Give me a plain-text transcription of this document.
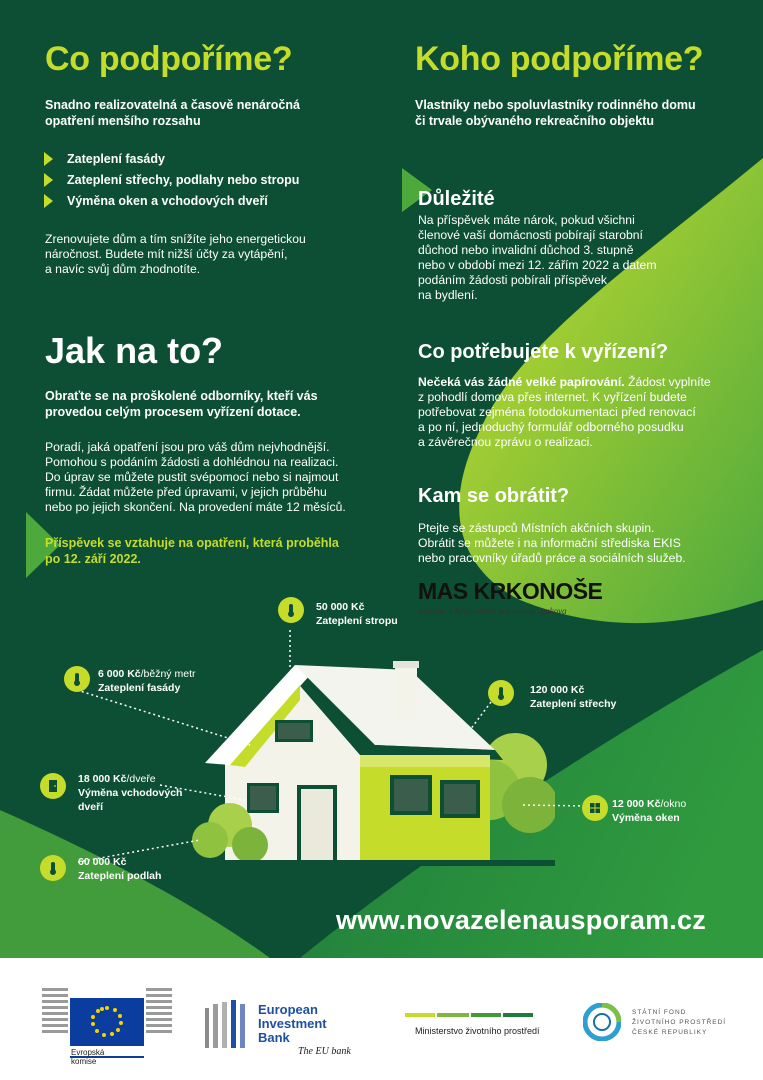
Co podpoříme?
Snadno realizovatelná a časově nenáročná
opatření menšího rozsahu
Zateplení fasády
Zateplení střechy, podlahy nebo stropu
Výměna oken a vchodových dveří
Zrenovujete dům a tím snížíte jeho energetickou
náročnost. Budete mít nižší účty za vytápění,
a navíc svůj dům zhodnotíte.
Jak na to?
Obraťte se na proškolené odborníky, kteří vás
provedou celým procesem vyřízení dotace.
Poradí, jaká opatření jsou pro váš dům nejvhodnější.
Pomohou s podáním žádosti a dohlédnou na realizaci.
Do úprav se můžete pustit svépomocí nebo si najmout
firmu. Žádat můžete před úpravami, v jejich průběhu
nebo po jejich skončení. Na provedení máte 12 měsíců.
Příspěvek se vztahuje na opatření, která proběhla
po 12. září 2022.
Koho podpoříme?
Vlastníky nebo spoluvlastníky rodinného domu
či trvale obývaného rekreačního objektu
Důležité
Na příspěvek máte nárok, pokud všichni
členové vaší domácnosti pobírají starobní
důchod nebo invalidní důchod 3. stupně
nebo v období mezi 12. zářím 2022 a datem
podáním žádosti pobírali příspěvek
na bydlení.
Co potřebujete k vyřízení?
Nečeká vás žádné velké papírování. Žádost vyplníte
z pohodlí domova přes internet. K vyřízení budete
potřebovat zejména fotodokumentaci před renovací
a po ní, jednoduchý formulář odborného posudku
a závěrečnou zprávu o realizaci.
Kam se obrátit?
Ptejte se zástupců Místních akčních skupin.
Obrátit se můžete i na informační střediska EKIS
nebo pracovníky úřadů práce a sociálních služeb.
MAS KRKONOŠE
zrazena v Krkonoších pro rozvoj venkova
50 000 Kč
Zateplení stropu
6 000 Kč/běžný metr
Zateplení fasády	120 000 Kč
Zateplení střechy
18 000 Kč/dveře
Výměna vchodových
dveří	12 000 Kč/okno
Výměna oken
60 000 Kč
Zateplení podlah
www.novazelenausporam.cz
Evropská
komise
European
Investment
Bank
The EU bank
Ministerstvo životního prostředí
STÁTNÍ FOND
ŽIVOTNÍHO PROSTŘEDÍ
ČESKÉ REPUBLIKY
